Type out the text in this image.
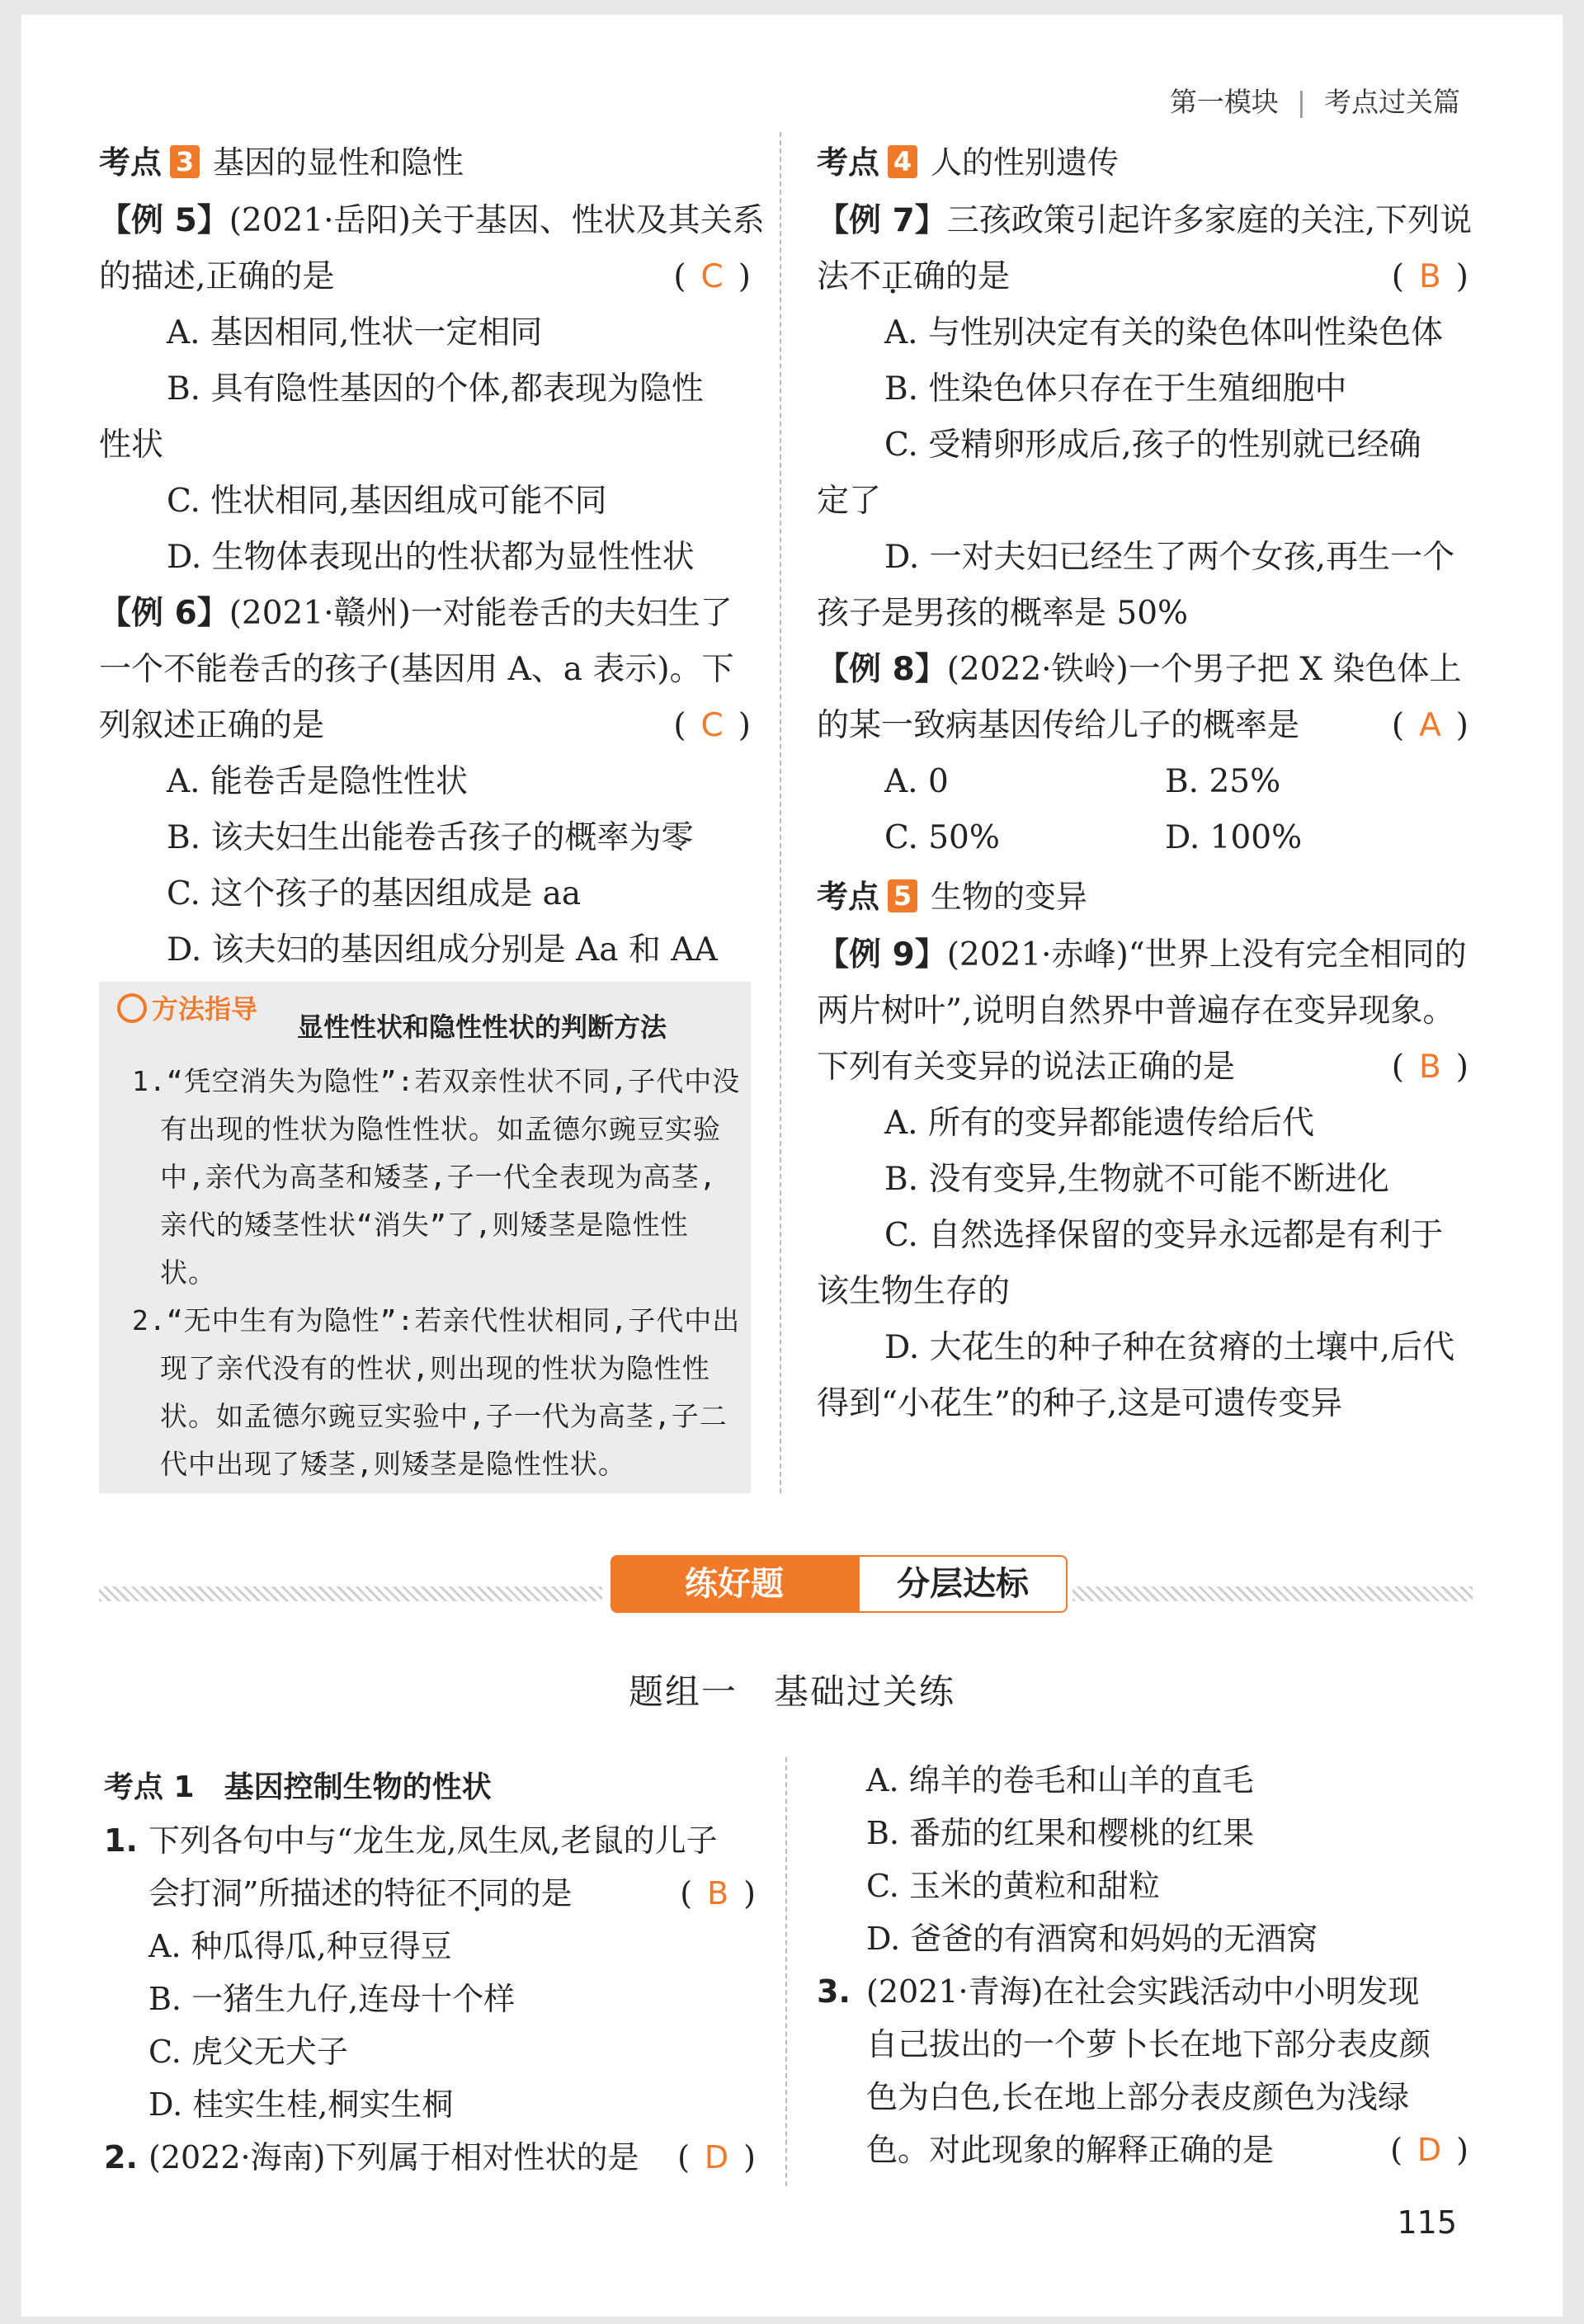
第一模块 | 考点过关篇
考点 3 基因的显性和隐性
【例 5】(2021·岳阳)关于基因、性状及其关系
的描述,正确的是	( C )
A. 基因相同,性状一定相同
B. 具有隐性基因的个体,都表现为隐性
性状
C. 性状相同,基因组成可能不同
D. 生物体表现出的性状都为显性性状
【例 6】(2021·赣州)一对能卷舌的夫妇生了
一个不能卷舌的孩子(基因用 A、a 表示)。下
列叙述正确的是	( C )
A. 能卷舌是隐性性状
B. 该夫妇生出能卷舌孩子的概率为零
C. 这个孩子的基因组成是 aa
D. 该夫妇的基因组成分别是 Aa 和 AA
方法指导
显性性状和隐性性状的判断方法
1.“凭空消失为隐性”:若双亲性状不同,子代中没有出现的性状为隐性性状。如孟德尔豌豆实验中,亲代为高茎和矮茎,子一代全表现为高茎,亲代的矮茎性状“消失”了,则矮茎是隐性性状。
2.“无中生有为隐性”:若亲代性状相同,子代中出现了亲代没有的性状,则出现的性状为隐性性状。如孟德尔豌豆实验中,子一代为高茎,子二代中出现了矮茎,则矮茎是隐性性状。
考点 4 人的性别遗传
【例 7】三孩政策引起许多家庭的关注,下列说
法不正确的是	( B )
A. 与性别决定有关的染色体叫性染色体
B. 性染色体只存在于生殖细胞中
C. 受精卵形成后,孩子的性别就已经确
定了
D. 一对夫妇已经生了两个女孩,再生一个
孩子是男孩的概率是 50%
【例 8】(2022·铁岭)一个男子把 X 染色体上
的某一致病基因传给儿子的概率是	( A )
A. 0	B. 25%
C. 50%	D. 100%
考点 5 生物的变异
【例 9】(2021·赤峰)“世界上没有完全相同的
两片树叶”,说明自然界中普遍存在变异现象。
下列有关变异的说法正确的是	( B )
A. 所有的变异都能遗传给后代
B. 没有变异,生物就不可能不断进化
C. 自然选择保留的变异永远都是有利于
该生物生存的
D. 大花生的种子种在贫瘠的土壤中,后代
得到“小花生”的种子,这是可遗传变异
练好题	分层达标
题组一　基础过关练
考点 1　基因控制生物的性状
1. 下列各句中与“龙生龙,凤生凤,老鼠的儿子
会打洞”所描述的特征不同的是	( B )
A. 种瓜得瓜,种豆得豆
B. 一猪生九仔,连母十个样
C. 虎父无犬子
D. 桂实生桂,桐实生桐
2. (2022·海南)下列属于相对性状的是 ( D )
A. 绵羊的卷毛和山羊的直毛
B. 番茄的红果和樱桃的红果
C. 玉米的黄粒和甜粒
D. 爸爸的有酒窝和妈妈的无酒窝
3. (2021·青海)在社会实践活动中小明发现
自己拔出的一个萝卜长在地下部分表皮颜
色为白色,长在地上部分表皮颜色为浅绿
色。对此现象的解释正确的是	( D )
115
